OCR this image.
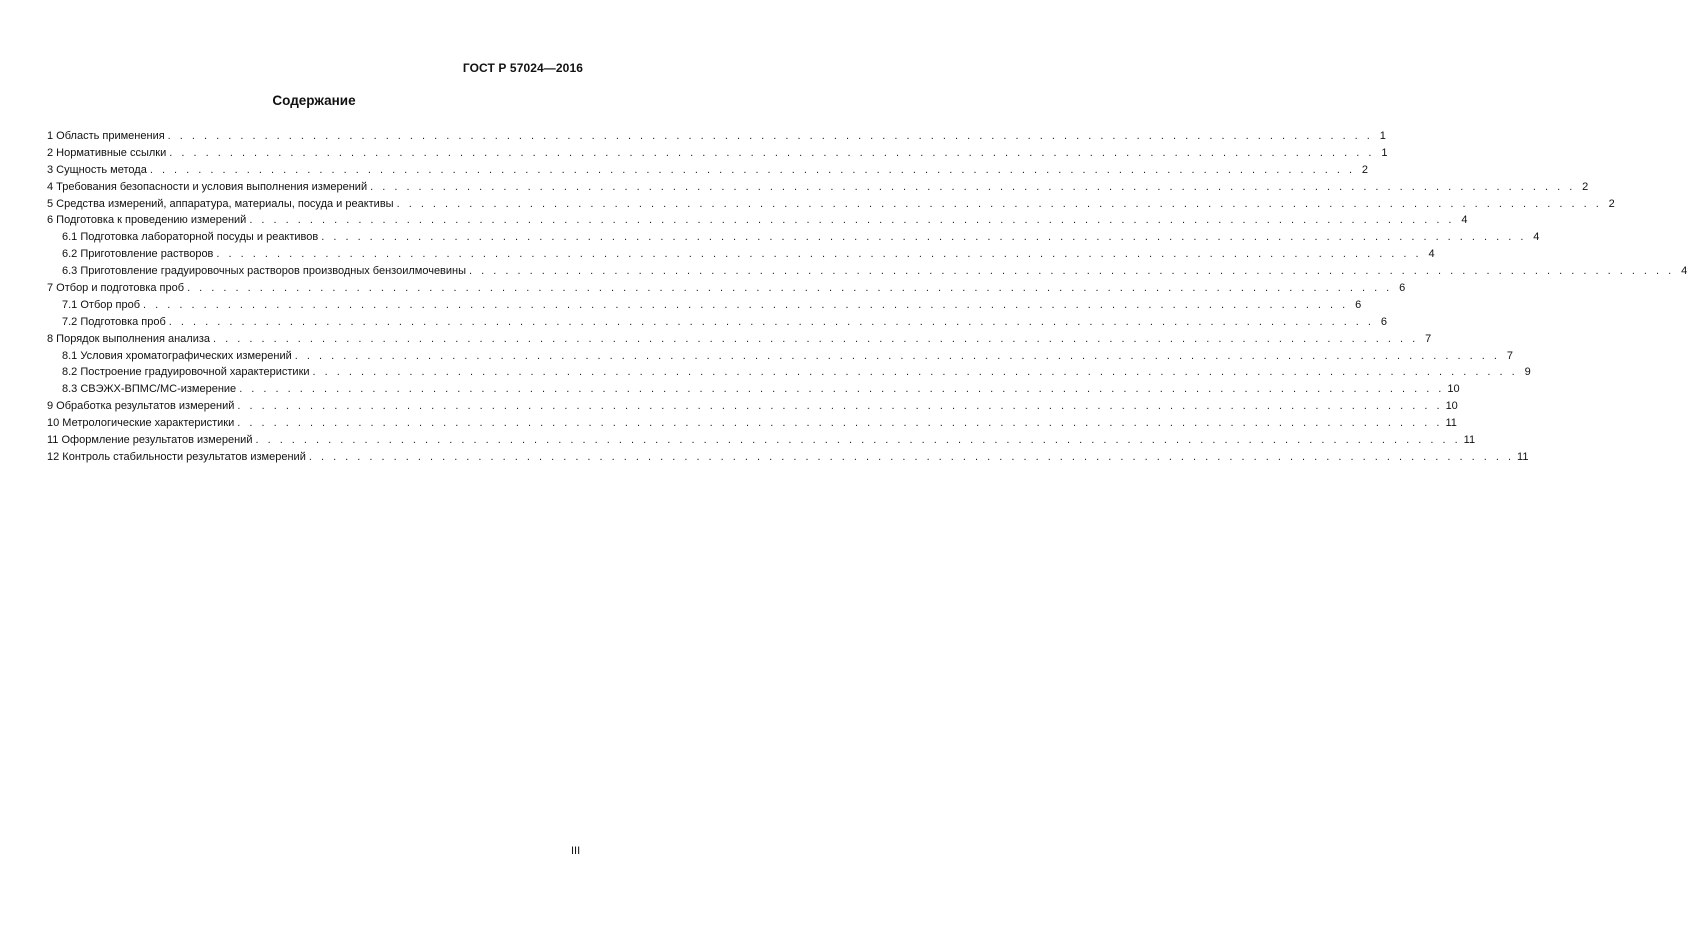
ГОСТ Р 57024—2016
Содержание
1 Область применения . . . . . . . . . . . . . . . . . . . . . . . . . . . . . . . . . . . . . . . . . . . . . . . . . . . . . . . . . . . . . . . . . . . . . . . . . . . . . . . . . . . . . . . . . . . . . . . . . . . . 1
2 Нормативные ссылки . . . . . . . . . . . . . . . . . . . . . . . . . . . . . . . . . . . . . . . . . . . . . . . . . . . . . . . . . . . . . . . . . . . . . . . . . . . . . . . . . . . . . . . . . . . . . . . . . . . . 1
3 Сущность метода . . . . . . . . . . . . . . . . . . . . . . . . . . . . . . . . . . . . . . . . . . . . . . . . . . . . . . . . . . . . . . . . . . . . . . . . . . . . . . . . . . . . . . . . . . . . . . . . . . . . 2
4 Требования безопасности и условия выполнения измерений . . . . . . . . . . . . . . . . . . . . . . . . . . . . . . . . . . . . . . . . . . . . . . . . . . . . . . . . . . . . . . . . . . . . . . . . . . . . . . . . . . . . . . . . . . . . . . . . . . . . 2
5 Средства измерений, аппаратура, материалы, посуда и реактивы . . . . . . . . . . . . . . . . . . . . . . . . . . . . . . . . . . . . . . . . . . . . . . . . . . . . . . . . . . . . . . . . . . . . . . . . . . . . . . . . . . . . . . . . . . . . . . . . . . . . 2
6 Подготовка к проведению измерений . . . . . . . . . . . . . . . . . . . . . . . . . . . . . . . . . . . . . . . . . . . . . . . . . . . . . . . . . . . . . . . . . . . . . . . . . . . . . . . . . . . . . . . . . . . . . . . . . . . . 4
6.1 Подготовка лабораторной посуды и реактивов . . . . . . . . . . . . . . . . . . . . . . . . . . . . . . . . . . . . . . . . . . . . . . . . . . . . . . . . . . . . . . . . . . . . . . . . . . . . . . . . . . . . . . . . . . . . . . . . . . . . 4
6.2 Приготовление растворов . . . . . . . . . . . . . . . . . . . . . . . . . . . . . . . . . . . . . . . . . . . . . . . . . . . . . . . . . . . . . . . . . . . . . . . . . . . . . . . . . . . . . . . . . . . . . . . . . . . . 4
6.3 Приготовление градуировочных растворов производных бензоилмочевины . . . . . . . . . . . . . . . . . . . . . . . . . . . . . . . . . . . . . . . . . . . . . . . . . . . . . . . . . . . . . . . . . . . . . . . . . . . . . . . . . . . . . . . . . . . . . . . . . . . . 4
7 Отбор и подготовка проб . . . . . . . . . . . . . . . . . . . . . . . . . . . . . . . . . . . . . . . . . . . . . . . . . . . . . . . . . . . . . . . . . . . . . . . . . . . . . . . . . . . . . . . . . . . . . . . . . . . . 6
7.1 Отбор проб . . . . . . . . . . . . . . . . . . . . . . . . . . . . . . . . . . . . . . . . . . . . . . . . . . . . . . . . . . . . . . . . . . . . . . . . . . . . . . . . . . . . . . . . . . . . . . . . . . . . 6
7.2 Подготовка проб . . . . . . . . . . . . . . . . . . . . . . . . . . . . . . . . . . . . . . . . . . . . . . . . . . . . . . . . . . . . . . . . . . . . . . . . . . . . . . . . . . . . . . . . . . . . . . . . . . . . 6
8 Порядок выполнения анализа . . . . . . . . . . . . . . . . . . . . . . . . . . . . . . . . . . . . . . . . . . . . . . . . . . . . . . . . . . . . . . . . . . . . . . . . . . . . . . . . . . . . . . . . . . . . . . . . . . . . 7
8.1 Условия хроматографических измерений . . . . . . . . . . . . . . . . . . . . . . . . . . . . . . . . . . . . . . . . . . . . . . . . . . . . . . . . . . . . . . . . . . . . . . . . . . . . . . . . . . . . . . . . . . . . . . . . . . . . 7
8.2 Построение градуировочной характеристики . . . . . . . . . . . . . . . . . . . . . . . . . . . . . . . . . . . . . . . . . . . . . . . . . . . . . . . . . . . . . . . . . . . . . . . . . . . . . . . . . . . . . . . . . . . . . . . . . . . . 9
8.3 СВЭЖХ-ВПМС/МС-измерение . . . . . . . . . . . . . . . . . . . . . . . . . . . . . . . . . . . . . . . . . . . . . . . . . . . . . . . . . . . . . . . . . . . . . . . . . . . . . . . . . . . . . . . . . . . . . . . . . . . . 10
9 Обработка результатов измерений . . . . . . . . . . . . . . . . . . . . . . . . . . . . . . . . . . . . . . . . . . . . . . . . . . . . . . . . . . . . . . . . . . . . . . . . . . . . . . . . . . . . . . . . . . . . . . . . . . . . 10
10 Метрологические характеристики . . . . . . . . . . . . . . . . . . . . . . . . . . . . . . . . . . . . . . . . . . . . . . . . . . . . . . . . . . . . . . . . . . . . . . . . . . . . . . . . . . . . . . . . . . . . . . . . . . . . 11
11 Оформление результатов измерений . . . . . . . . . . . . . . . . . . . . . . . . . . . . . . . . . . . . . . . . . . . . . . . . . . . . . . . . . . . . . . . . . . . . . . . . . . . . . . . . . . . . . . . . . . . . . . . . . . . . 11
12 Контроль стабильности результатов измерений . . . . . . . . . . . . . . . . . . . . . . . . . . . . . . . . . . . . . . . . . . . . . . . . . . . . . . . . . . . . . . . . . . . . . . . . . . . . . . . . . . . . . . . . . . . . . . . . . . . . 11
III
